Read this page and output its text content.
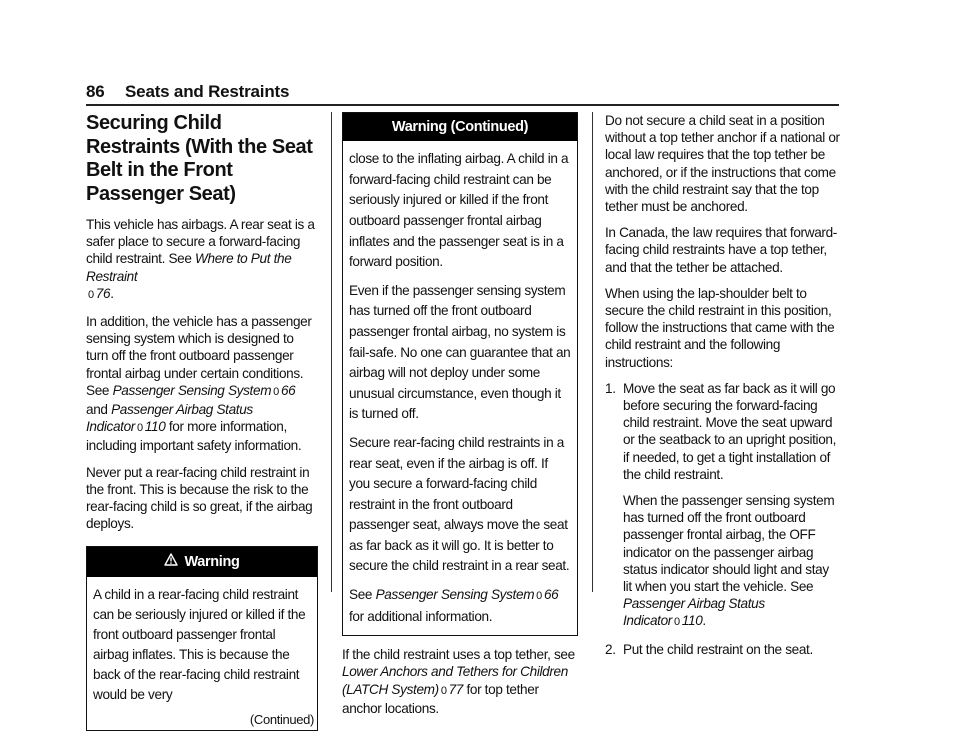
86 Seats and Restraints
Securing Child Restraints (With the Seat Belt in the Front Passenger Seat)

This vehicle has airbags. A rear seat is a safer place to secure a forward-facing child restraint. See Where to Put the Restraint
0 76.

In addition, the vehicle has a passenger sensing system which is designed to turn off the front outboard passenger frontal airbag under certain conditions. See Passenger Sensing System 0 66 and Passenger Airbag Status Indicator 0 110 for more information, including important safety information.

Never put a rear-facing child restraint in the front. This is because the risk to the rear-facing child is so great, if the airbag deploys.

Warning

A child in a rear-facing child restraint can be seriously injured or killed if the front outboard passenger frontal airbag inflates. This is because the back of the rear-facing child restraint would be very

(Continued)
Warning (Continued)

close to the inflating airbag. A child in a forward-facing child restraint can be seriously injured or killed if the front outboard passenger frontal airbag inflates and the passenger seat is in a forward position.

Even if the passenger sensing system has turned off the front outboard passenger frontal airbag, no system is fail-safe. No one can guarantee that an airbag will not deploy under some unusual circumstance, even though it is turned off.

Secure rear-facing child restraints in a rear seat, even if the airbag is off. If you secure a forward-facing child restraint in the front outboard passenger seat, always move the seat as far back as it will go. It is better to secure the child restraint in a rear seat.

See Passenger Sensing System 0 66 for additional information.

If the child restraint uses a top tether, see Lower Anchors and Tethers for Children (LATCH System) 0 77 for top tether anchor locations.

Do not secure a child seat in a position without a top tether anchor if a national or local law requires that the top tether be anchored, or if the instructions that come with the child restraint say that the top tether must be anchored.

In Canada, the law requires that forward-facing child restraints have a top tether, and that the tether be attached.

When using the lap-shoulder belt to secure the child restraint in this position, follow the instructions that came with the child restraint and the following instructions:

1. Move the seat as far back as it will go before securing the forward-facing child restraint. Move the seat upward or the seatback to an upright position, if needed, to get a tight installation of the child restraint.

When the passenger sensing system has turned off the front outboard passenger frontal airbag, the OFF indicator on the passenger airbag status indicator should light and stay lit when you start the vehicle. See Passenger Airbag Status Indicator 0 110.

2. Put the child restraint on the seat.
